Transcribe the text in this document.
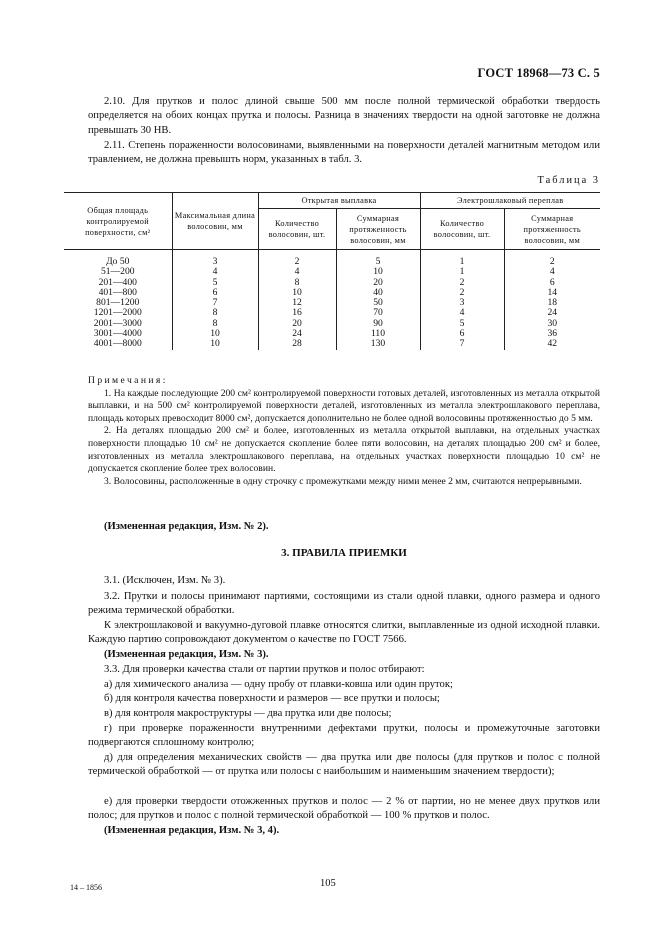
ГОСТ 18968—73 С. 5
2.10. Для прутков и полос длиной свыше 500 мм после полной термической обработки твердость определяется на обоих концах прутка и полосы. Разница в значениях твердости на одной заготовке не должна превышать 30 НВ.
2.11. Степень пораженности волосовинами, выявленными на поверхности деталей магнитным методом или травлением, не должна превышть норм, указанных в табл. 3.
Таблица 3
Общая площадь контролируемой поверхности, см²	Максимальная длина волосовин, мм	Открытая выплавка		Электрошлаковый переплав	
		Количество волосовин, шт.	Суммарная протяженность волосовин, мм	Количество волосовин, шт.	Суммарная протяженность волосовин, мм
До 50	3	2	5	1	2
51—200	4	4	10	1	4
201—400	5	8	20	2	6
401—800	6	10	40	2	14
801—1200	7	12	50	3	18
1201—2000	8	16	70	4	24
2001—3000	8	20	90	5	30
3001—4000	10	24	110	6	36
4001—8000	10	28	130	7	42
Примечания:
1. На каждые последующие 200 см² контролируемой поверхности готовых деталей, изготовленных из металла открытой выплавки, и на 500 см² контролируемой поверхности деталей, изготовленных из металла электрошлакового переплава, площадь которых превосходит 8000 см², допускается дополнительно не более одной волосовины протяженностью до 5 мм.
2. На деталях площадью 200 см² и более, изготовленных из металла открытой выплавки, на отдельных участках поверхности площадью 10 см² не допускается скопление более пяти волосовин, на деталях площадью 200 см² и более, изготовленных из металла электрошлакового переплава, на отдельных участках поверхности площадью 10 см² не допускается скопление более трех волосовин.
3. Волосовины, расположенные в одну строчку с промежутками между ними менее 2 мм, считаются непрерывными.
(Измененная редакция, Изм. № 2).
3. ПРАВИЛА ПРИЕМКИ
3.1. (Исключен, Изм. № 3).
3.2. Прутки и полосы принимают партиями, состоящими из стали одной плавки, одного размера и одного режима термической обработки.
К электрошлаковой и вакуумно-дуговой плавке относятся слитки, выплавленные из одной исходной плавки. Каждую партию сопровождают документом о качестве по ГОСТ 7566.
(Измененная редакция, Изм. № 3).
3.3. Для проверки качества стали от партии прутков и полос отбирают:
а) для химического анализа — одну пробу от плавки-ковша или один пруток;
б) для контроля качества поверхности и размеров — все прутки и полосы;
в) для контроля макроструктуры — два прутка или две полосы;
г) при проверке пораженности внутренними дефектами прутки, полосы и промежуточные заготовки подвергаются сплошному контролю;
д) для определения механических свойств — два прутка или две полосы (для прутков и полос с полной термической обработкой — от прутка или полосы с наибольшим и наименьшим значением твердости);
е) для проверки твердости отожженных прутков и полос — 2 % от партии, но не менее двух прутков или полос; для прутков и полос с полной термической обработкой — 100 % прутков и полос.
(Измененная редакция, Изм. № 3, 4).
14 – 1856	105
